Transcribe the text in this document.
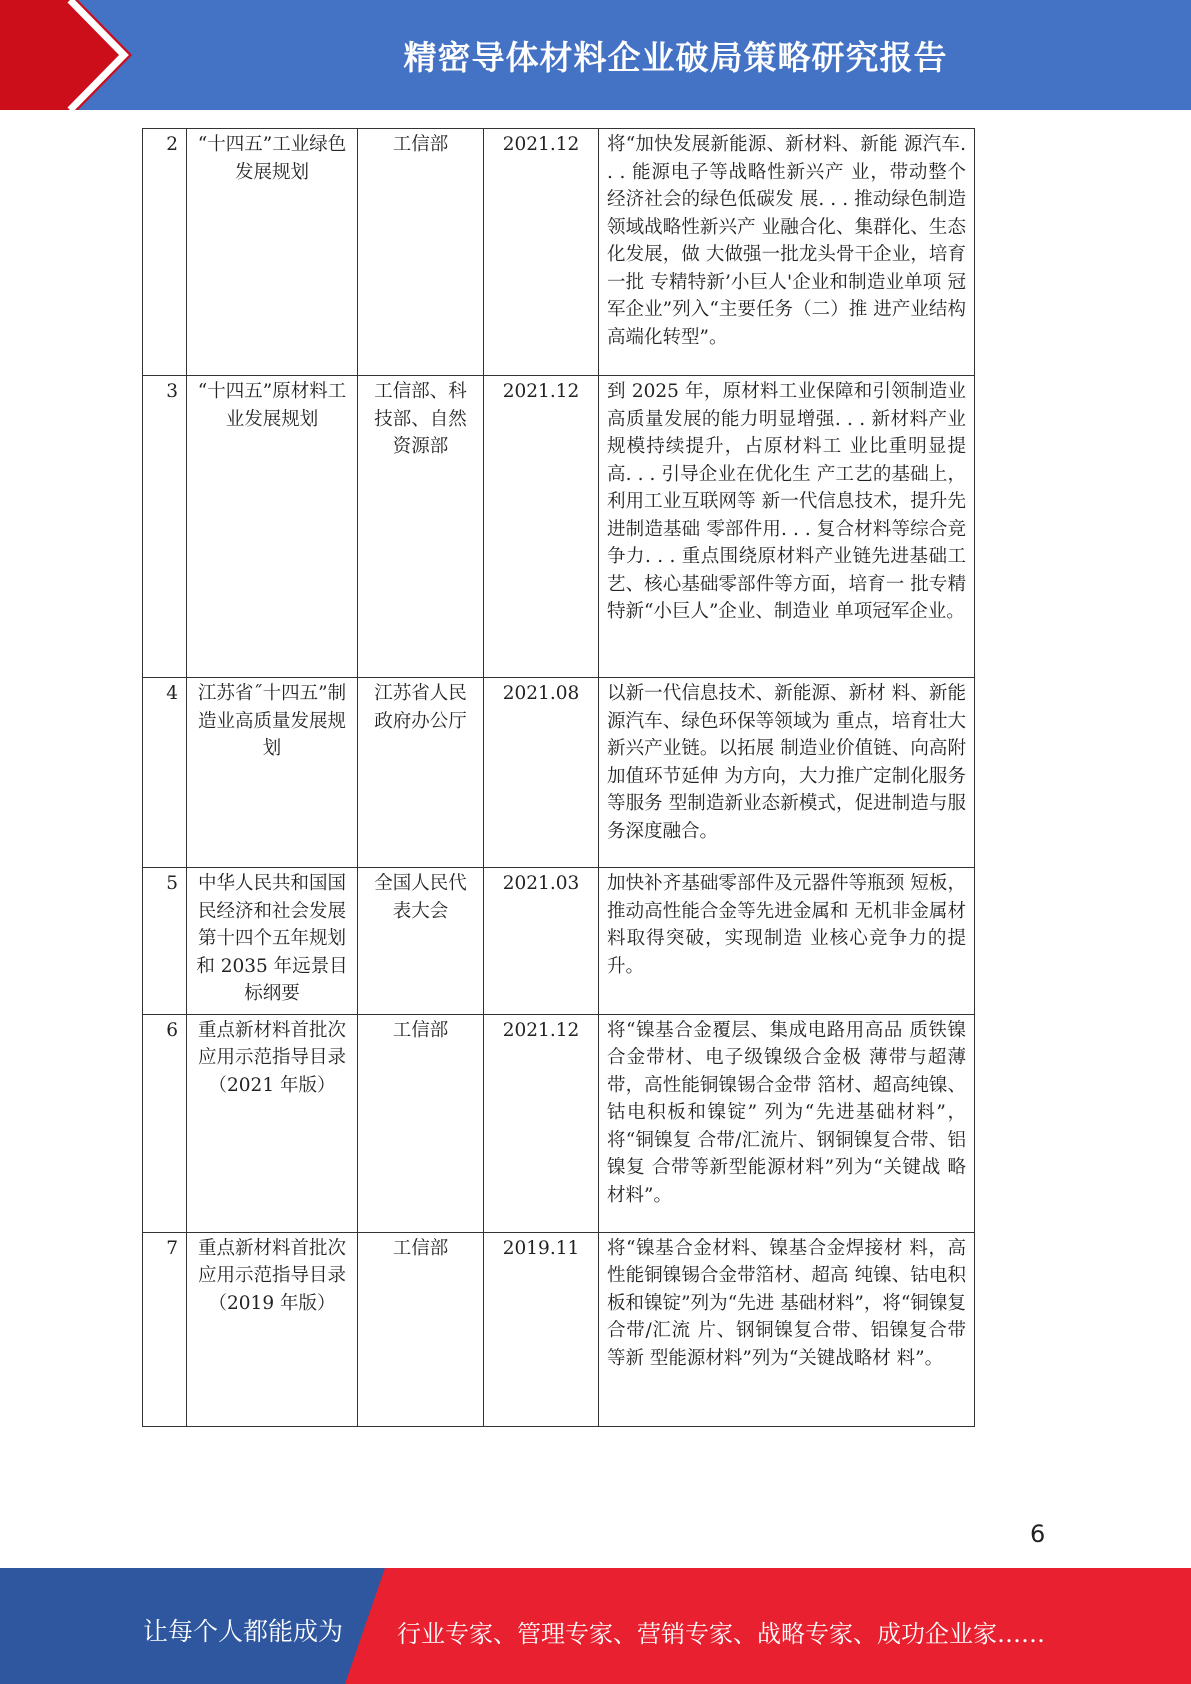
精密导体材料企业破局策略研究报告
2	“十四五”工业绿色发展规划	工信部	2021.12	将“加快发展新能源、新材料、新能 源汽车. . . 能源电子等战略性新兴产 业，带动整个经济社会的绿色低碳发 展. . . 推动绿色制造领域战略性新兴产 业融合化、集群化、生态化发展，做 大做强一批龙头骨干企业，培育一批 专精特新’小巨人'企业和制造业单项 冠军企业”列入“主要任务（二）推 进产业结构高端化转型”。
3	“十四五”原材料工业发展规划	工信部、科技部、自然资源部	2021.12	到 2025 年，原材料工业保障和引领制造业高质量发展的能力明显增强. . . 新材料产业规模持续提升，占原材料工 业比重明显提高. . . 引导企业在优化生 产工艺的基础上，利用工业互联网等 新一代信息技术，提升先进制造基础 零部件用. . . 复合材料等综合竞争力. . . 重点围绕原材料产业链先进基础工 艺、核心基础零部件等方面，培育一 批专精特新“小巨人”企业、制造业 单项冠军企业。
4	江苏省˝十四五”制造业高质量发展规划	江苏省人民政府办公厅	2021.08	以新一代信息技术、新能源、新材 料、新能源汽车、绿色环保等领域为 重点，培育壮大新兴产业链。以拓展 制造业价值链、向高附加值环节延伸 为方向，大力推广定制化服务等服务 型制造新业态新模式，促进制造与服 务深度融合。
5	中华人民共和国国民经济和社会发展第十四个五年规划和 2035 年远景目标纲要	全国人民代表大会	2021.03	加快补齐基础零部件及元器件等瓶颈 短板，推动高性能合金等先进金属和 无机非金属材料取得突破，实现制造 业核心竞争力的提升。
6	重点新材料首批次应用示范指导目录（2021 年版）	工信部	2021.12	将“镍基合金覆层、集成电路用高品 质铁镍合金带材、电子级镍级合金极 薄带与超薄带，高性能铜镍锡合金带 箔材、超高纯镍、钴电积板和镍锭” 列为“先进基础材料”，将“铜镍复 合带/汇流片、钢铜镍复合带、铝镍复 合带等新型能源材料”列为“关键战 略材料”。
7	重点新材料首批次应用示范指导目录（2019 年版）	工信部	2019.11	将“镍基合金材料、镍基合金焊接材 料，高性能铜镍锡合金带箔材、超高 纯镍、钴电积板和镍锭”列为“先进 基础材料”，将“铜镍复合带/汇流 片、钢铜镍复合带、铝镍复合带等新 型能源材料”列为“关键战略材 料”。
6
让每个人都能成为 行业专家、管理专家、营销专家、战略专家、成功企业家……
